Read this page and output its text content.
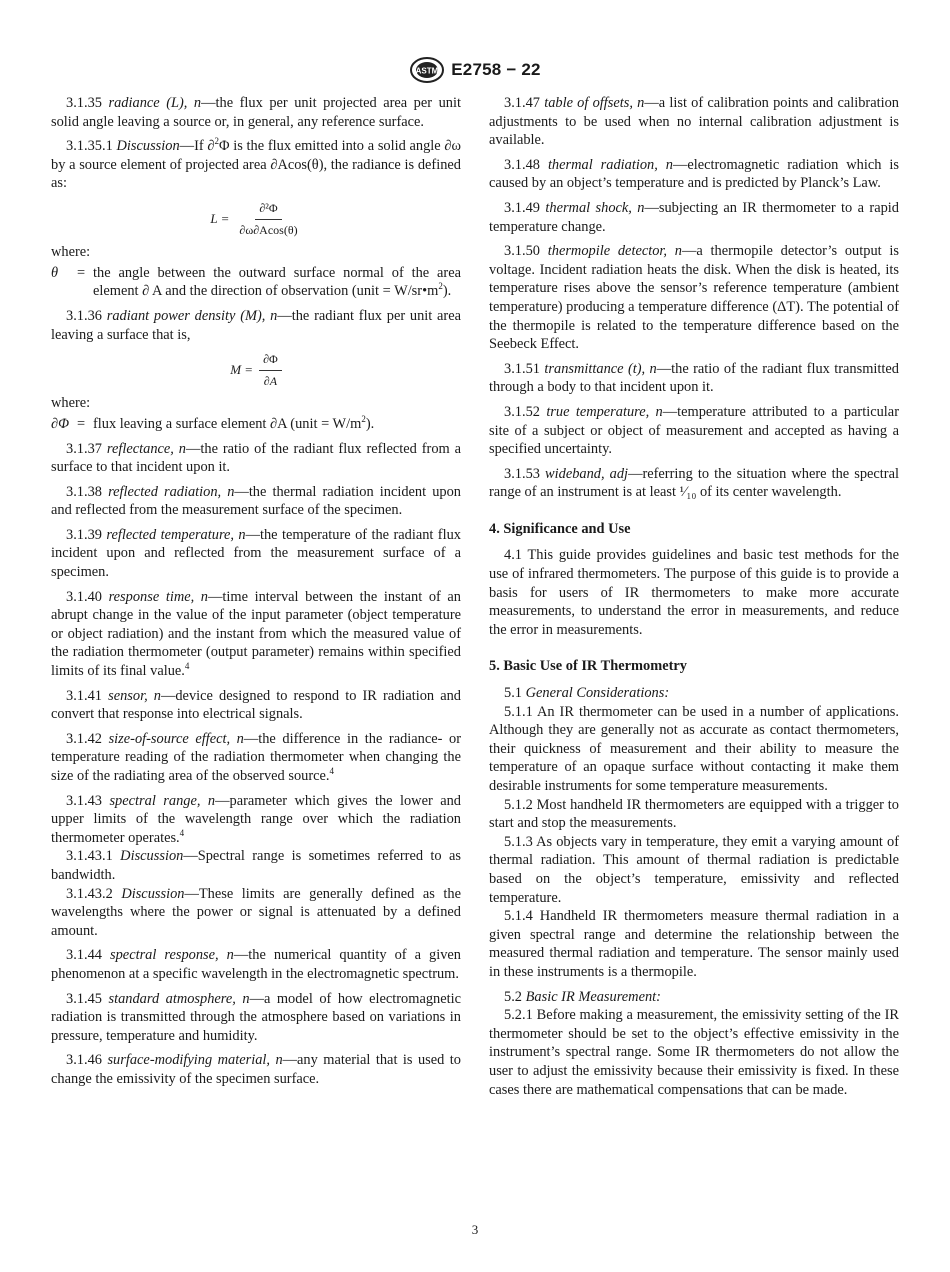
ASTM E2758 − 22

3.1.35 radiance (L), n—the flux per unit projected area per unit solid angle leaving a source or, in general, any reference surface.

3.1.35.1 Discussion—If ∂$^2$Φ is the flux emitted into a solid angle ∂ω by a source element of projected area ∂Acos(θ), the radiance is defined as:

$L = \frac{\text{∂²Φ}}{\partial\omega\partial Acos(\theta)}$
where:
θ	= the angle between the outward surface normal of the area element ∂ A and the direction of observation (unit = $W/sr•m^2$).

3.1.36 radiant power density (M), n—the radiant flux per unit area leaving a surface that is,

$M = \frac{\partial\Phi}{\partial A}$
where:
∂Φ = flux leaving a surface element ∂A (unit = $W/m^2$).

3.1.37 reflectance, n—the ratio of the radiant flux reflected from a surface to that incident upon it.

3.1.38 reflected radiation, n—the thermal radiation incident upon and reflected from the measurement surface of the specimen.

3.1.39 reflected temperature, n—the temperature of the radiant flux incident upon and reflected from the measurement surface of a specimen.

3.1.40 response time, n—time interval between the instant of an abrupt change in the value of the input parameter (object temperature or object radiation) and the instant from which the measured value of the radiation thermometer (output parameter) remains within specified limits of its final value.$^4$

3.1.41 sensor, n—device designed to respond to IR radiation and convert that response into electrical signals.

3.1.42 size-of-source effect, n—the difference in the radiance- or temperature reading of the radiation thermometer when changing the size of the radiating area of the observed source.$^4$

3.1.43 spectral range, n—parameter which gives the lower and upper limits of the wavelength range over which the radiation thermometer operates.$^4$

3.1.43.1 Discussion—Spectral range is sometimes referred to as bandwidth.

3.1.43.2 Discussion—These limits are generally defined as the wavelengths where the power or signal is attenuated by a defined amount.

3.1.44 spectral response, n—the numerical quantity of a given phenomenon at a specific wavelength in the electromagnetic spectrum.

3.1.45 standard atmosphere, n—a model of how electromagnetic radiation is transmitted through the atmosphere based on variations in pressure, temperature and humidity.

3.1.46 surface-modifying material, n—any material that is used to change the emissivity of the specimen surface.

3.1.47 table of offsets, n—a list of calibration points and calibration adjustments to be used when no internal calibration adjustment is available.

3.1.48 thermal radiation, n—electromagnetic radiation which is caused by an object’s temperature and is predicted by Planck’s Law.

3.1.49 thermal shock, n—subjecting an IR thermometer to a rapid temperature change.

3.1.50 thermopile detector, n—a thermopile detector’s output is voltage. Incident radiation heats the disk. When the disk is heated, its temperature rises above the sensor’s reference temperature (ambient temperature) producing a temperature difference (ΔT). The potential of the thermopile is related to the temperature difference based on the Seebeck Effect.

3.1.51 transmittance (t), n—the ratio of the radiant flux transmitted through a body to that incident upon it.

3.1.52 true temperature, n—temperature attributed to a particular site of a subject or object of measurement and accepted as having a specified uncertainty.

3.1.53 wideband, adj—referring to the situation where the spectral range of an instrument is at least ¹⁄₁₀ of its center wavelength.

4. Significance and Use

4.1 This guide provides guidelines and basic test methods for the use of infrared thermometers. The purpose of this guide is to provide a basis for users of IR thermometers to make more accurate measurements, to understand the error in measurements, and reduce the error in measurements.

5. Basic Use of IR Thermometry

5.1 General Considerations:

5.1.1 An IR thermometer can be used in a number of applications. Although they are generally not as accurate as contact thermometers, their quickness of measurement and their ability to measure the temperature of an opaque surface without contacting it make them desirable instruments for some temperature measurements.

5.1.2 Most handheld IR thermometers are equipped with a trigger to start and stop the measurements.

5.1.3 As objects vary in temperature, they emit a varying amount of thermal radiation. This amount of thermal radiation is predictable based on the object’s temperature, emissivity and reflected temperature.

5.1.4 Handheld IR thermometers measure thermal radiation in a given spectral range and determine the relationship between the measured thermal radiation and temperature. The sensor mainly used in these instruments is a thermopile.

5.2 Basic IR Measurement:

5.2.1 Before making a measurement, the emissivity setting of the IR thermometer should be set to the object’s effective emissivity in the instrument’s spectral range. Some IR thermometers do not allow the user to adjust the emissivity because their emissivity is fixed. In these cases there are mathematical compensations that can be made.

3
